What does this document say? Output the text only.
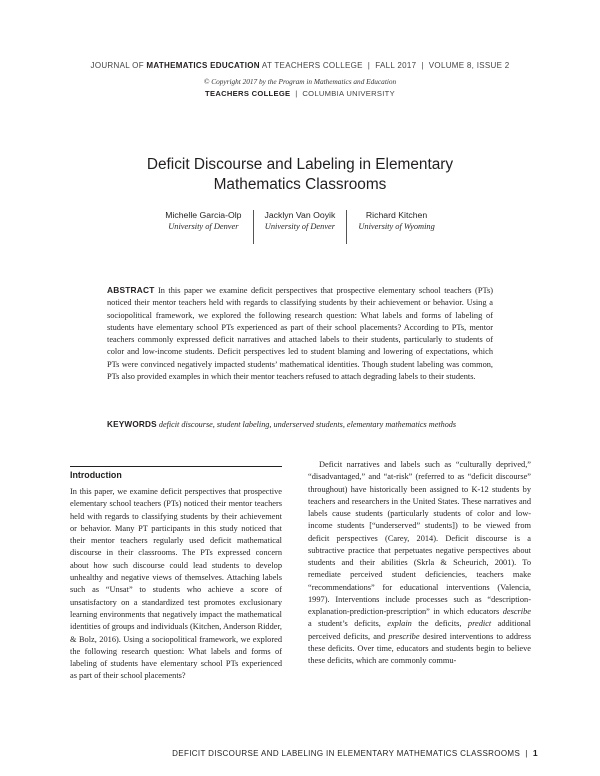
JOURNAL OF MATHEMATICS EDUCATION AT TEACHERS COLLEGE  |  FALL 2017  |  VOLUME 8, ISSUE 2
© Copyright 2017 by the Program in Mathematics and Education
TEACHERS COLLEGE  |  COLUMBIA UNIVERSITY
Deficit Discourse and Labeling in Elementary
Mathematics Classrooms
Michelle Garcia-Olp
University of Denver
Jacklyn Van Ooyik
University of Denver
Richard Kitchen
University of Wyoming
ABSTRACT In this paper we examine deficit perspectives that prospective elementary school teachers (PTs) noticed their mentor teachers held with regards to classifying students by their achievement or behavior. Using a sociopolitical framework, we explored the following research question: What labels and forms of labeling of students have elementary school PTs experienced as part of their school placements? According to PTs, mentor teachers commonly expressed deficit narratives and attached labels to their students, particularly to students of color and low-income students. Deficit perspectives led to student blaming and lowering of expectations, which PTs were convinced negatively impacted students’ mathematical identities. Though student labeling was common, PTs also provided examples in which their mentor teachers refused to attach degrading labels to their students.
KEYWORDS deficit discourse, student labeling, underserved students, elementary mathematics methods
Introduction

In this paper, we examine deficit perspectives that prospective elementary school teachers (PTs) noticed their mentor teachers held with regards to classifying students by their achievement or behavior. Many PT participants in this study noticed that their mentor teachers regularly used deficit mathematical discourse in their classrooms. The PTs expressed concern about how such discourse could lead students to develop unhealthy and negative views of themselves. Attaching labels such as “Unsat” to students who achieve a score of unsatisfactory on a standardized test promotes exclusionary learning environments that negatively impact the mathematical identities of groups and individuals (Kitchen, Anderson Ridder, & Bolz, 2016). Using a sociopolitical framework, we explored the following research question: What labels and forms of labeling of students have elementary school PTs experienced as part of their school placements?

Deficit narratives and labels such as “culturally deprived,” “disadvantaged,” and “at-risk” (referred to as “deficit discourse” throughout) have historically been assigned to K-12 students by teachers and researchers in the United States. These narratives and labels cause students (particularly students of color and low-income students [“underserved” students]) to be viewed from deficit perspectives (Carey, 2014). Deficit discourse is a subtractive practice that perpetuates negative perspectives about students and their abilities (Skrla & Scheurich, 2001). To remediate perceived student deficiencies, teachers make “recommendations” for educational interventions (Valencia, 1997). Interventions include processes such as “description-explanation-prediction-prescription” in which educators describe a student’s deficits, explain the deficits, predict additional perceived deficits, and prescribe desired interventions to address these deficits. Over time, educators and students begin to believe these deficits, which are commonly commu-

DEFICIT DISCOURSE AND LABELING IN ELEMENTARY MATHEMATICS CLASSROOMS  |  1
